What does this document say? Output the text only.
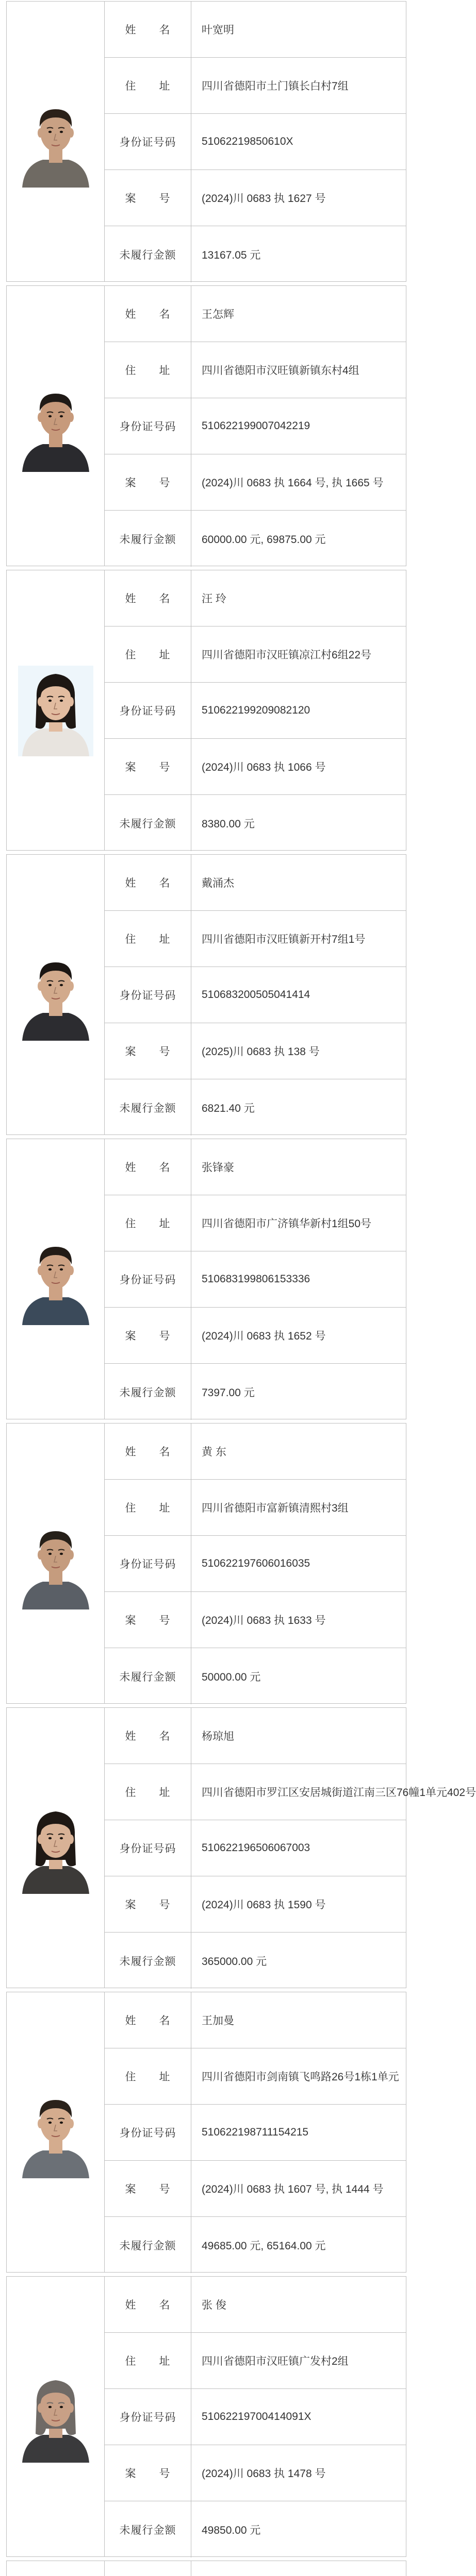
姓　　名	叶宽明
住　　址	四川省德阳市土门镇长白村7组
身份证号码	51062219850610X
案　　号	(2024)川 0683 执 1627 号
未履行金额	13167.05 元
姓　　名	王怎辉
住　　址	四川省德阳市汉旺镇新镇东村4组
身份证号码	510622199007042219
案　　号	(2024)川 0683 执 1664 号, 执 1665 号
未履行金额	60000.00 元, 69875.00 元
姓　　名	汪 玲
住　　址	四川省德阳市汉旺镇凉江村6组22号
身份证号码	510622199209082120
案　　号	(2024)川 0683 执 1066 号
未履行金额	8380.00 元
姓　　名	戴涌杰
住　　址	四川省德阳市汉旺镇新开村7组1号
身份证号码	510683200505041414
案　　号	(2025)川 0683 执 138 号
未履行金额	6821.40 元
姓　　名	张锋豪
住　　址	四川省德阳市广济镇华新村1组50号
身份证号码	510683199806153336
案　　号	(2024)川 0683 执 1652 号
未履行金额	7397.00 元
姓　　名	黄 东
住　　址	四川省德阳市富新镇清熙村3组
身份证号码	510622197606016035
案　　号	(2024)川 0683 执 1633 号
未履行金额	50000.00 元
姓　　名	杨琼旭
住　　址	四川省德阳市罗江区安居城街道江南三区76幢1单元402号
身份证号码	510622196506067003
案　　号	(2024)川 0683 执 1590 号
未履行金额	365000.00 元
姓　　名	王加曼
住　　址	四川省德阳市剑南镇飞鸣路26号1栋1单元
身份证号码	510622198711154215
案　　号	(2024)川 0683 执 1607 号, 执 1444 号
未履行金额	49685.00 元, 65164.00 元
姓　　名	张 俊
住　　址	四川省德阳市汉旺镇广发村2组
身份证号码	51062219700414091X
案　　号	(2024)川 0683 执 1478 号
未履行金额	49850.00 元
